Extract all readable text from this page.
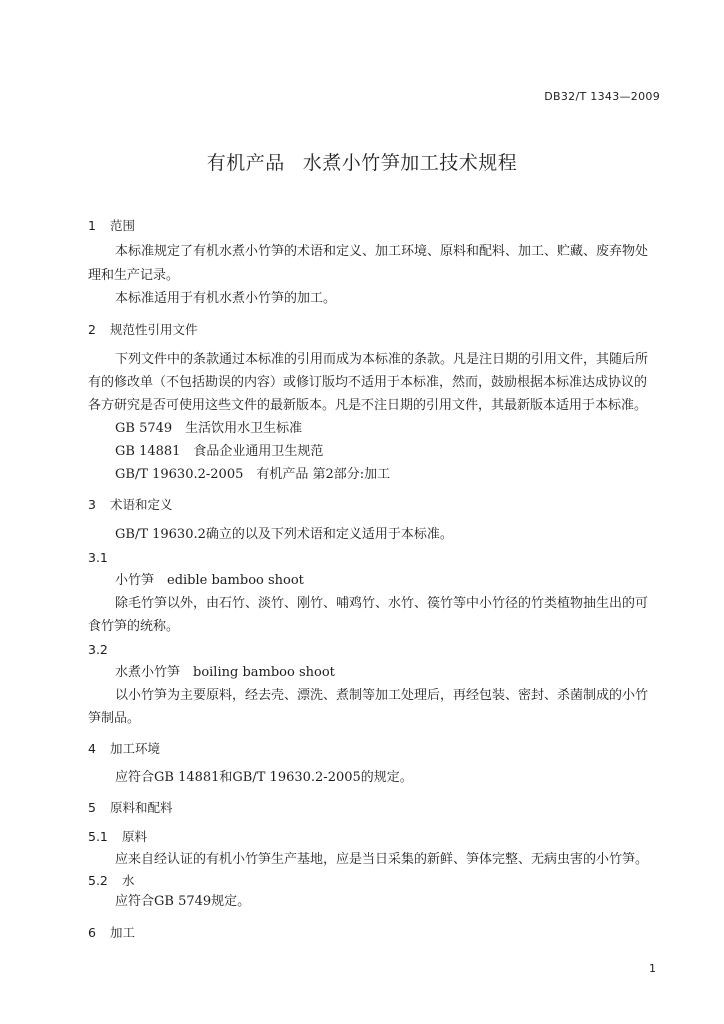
DB32/T 1343—2009
有机产品 水煮小竹笋加工技术规程
1 范围
本标准规定了有机水煮小竹笋的术语和定义、加工环境、原料和配料、加工、贮藏、废弃物处
理和生产记录。
本标准适用于有机水煮小竹笋的加工。
2 规范性引用文件
下列文件中的条款通过本标准的引用而成为本标准的条款。凡是注日期的引用文件，其随后所
有的修改单（不包括勘误的内容）或修订版均不适用于本标准，然而，鼓励根据本标准达成协议的
各方研究是否可使用这些文件的最新版本。凡是不注日期的引用文件，其最新版本适用于本标准。
GB 5749　生活饮用水卫生标准
GB 14881　食品企业通用卫生规范
GB/T 19630.2-2005　有机产品 第2部分:加工
3 术语和定义
GB/T 19630.2确立的以及下列术语和定义适用于本标准。
3.1
小竹笋　edible bamboo shoot
除毛竹笋以外，由石竹、淡竹、刚竹、哺鸡竹、水竹、篌竹等中小竹径的竹类植物抽生出的可
食竹笋的统称。
3.2
水煮小竹笋　boiling bamboo shoot
以小竹笋为主要原料，经去壳、漂洗、煮制等加工处理后，再经包装、密封、杀菌制成的小竹
笋制品。
4 加工环境
应符合GB 14881和GB/T 19630.2-2005的规定。
5 原料和配料
5.1 原料
应来自经认证的有机小竹笋生产基地，应是当日采集的新鲜、笋体完整、无病虫害的小竹笋。
5.2 水
应符合GB 5749规定。
6 加工
1
